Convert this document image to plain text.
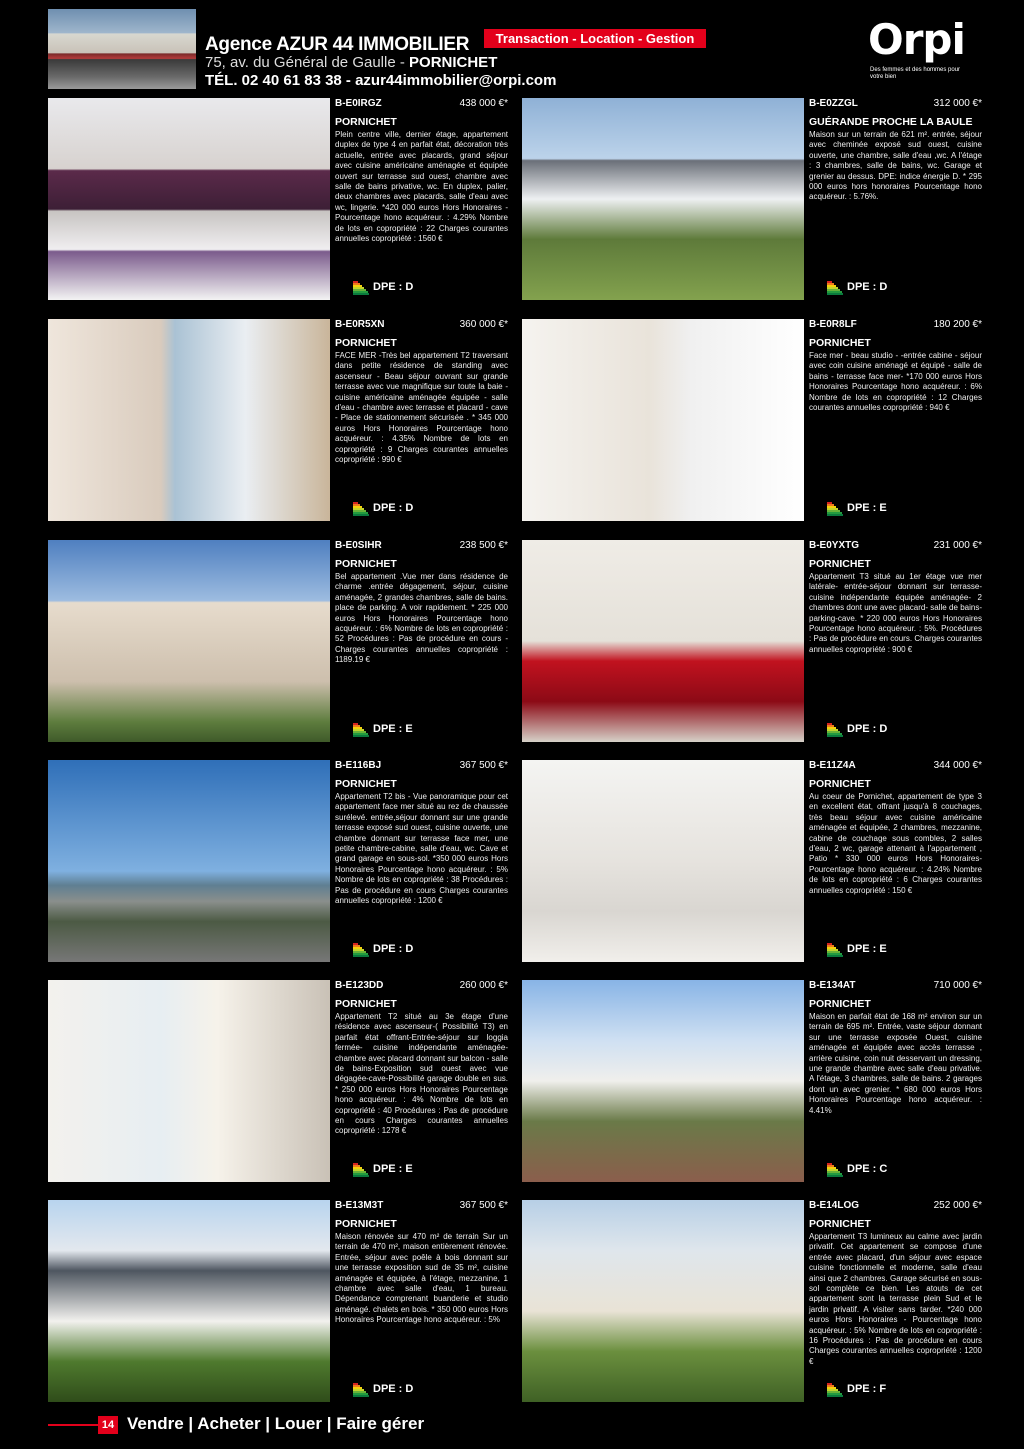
Agence AZUR 44 IMMOBILIER
75, av. du Général de Gaulle - PORNICHET
TÉL. 02 40 61 83 38 - azur44immobilier@orpi.com
Transaction - Location - Gestion	Orpi
Des femmes et des hommes pour votre bien
B-E0IRGZ	438 000 €*
PORNICHET
Plein centre ville, dernier étage, appartement duplex de type 4 en parfait état, décoration très actuelle, entrée avec placards, grand séjour avec cuisine américaine aménagée et équipée ouvert sur terrasse sud ouest, chambre avec salle de bains privative, wc. En duplex, palier, deux chambres avec placards, salle d'eau avec wc, lingerie. *420 000 euros Hors Honoraires - Pourcentage hono acquéreur. : 4.29% Nombre de lots en copropriété : 22 Charges courantes annuelles copropriété : 1560 €
DPE : D
B-E0ZZGL	312 000 €*
GUÉRANDE PROCHE LA BAULE
Maison sur un terrain de 621 m². entrée, séjour avec cheminée exposé sud ouest, cuisine ouverte, une chambre, salle d'eau ,wc. A l'étage : 3 chambres, salle de bains, wc. Garage et grenier au dessus. DPE: indice énergie D. * 295 000 euros hors honoraires Pourcentage hono acquéreur. : 5.76%.
DPE : D
B-E0R5XN	360 000 €*
PORNICHET
FACE MER -Très bel appartement T2 traversant dans petite résidence de standing avec ascenseur - Beau séjour ouvrant sur grande terrasse avec vue magnifique sur toute la baie - cuisine américaine aménagée équipée - salle d'eau - chambre avec terrasse et placard - cave - Place de stationnement sécurisée . * 345 000 euros Hors Honoraires Pourcentage hono acquéreur. : 4.35% Nombre de lots en copropriété : 9 Charges courantes annuelles copropriété : 990 €
DPE : D
B-E0R8LF	180 200 €*
PORNICHET
Face mer - beau studio - -entrée cabine - séjour avec coin cuisine aménagé et équipé - salle de bains - terrasse face mer- *170 000 euros Hors Honoraires Pourcentage hono acquéreur. : 6% Nombre de lots en copropriété : 12 Charges courantes annuelles copropriété : 940 €
DPE : E
B-E0SIHR	238 500 €*
PORNICHET
Bel appartement .Vue mer dans résidence de charme .entrée dégagement, séjour, cuisine aménagée, 2 grandes chambres, salle de bains. place de parking. A voir rapidement. * 225 000 euros Hors Honoraires Pourcentage hono acquéreur. : 6% Nombre de lots en copropriété : 52 Procédures : Pas de procédure en cours - Charges courantes annuelles copropriété : 1189.19 €
DPE : E
B-E0YXTG	231 000 €*
PORNICHET
Appartement T3 situé au 1er étage vue mer latérale- entrée-séjour donnant sur terrasse- cuisine indépendante équipée aménagée- 2 chambres dont une avec placard- salle de bains-parking-cave. * 220 000 euros Hors Honoraires Pourcentage hono acquéreur. : 5%. Procédures : Pas de procédure en cours. Charges courantes annuelles copropriété : 900 €
DPE : D
B-E116BJ	367 500 €*
PORNICHET
Appartement T2 bis - Vue panoramique pour cet appartement face mer situé au rez de chaussée surélevé. entrée,séjour donnant sur une grande terrasse exposé sud ouest, cuisine ouverte, une chambre donnant sur terrasse face mer, une petite chambre-cabine, salle d'eau, wc. Cave et grand garage en sous-sol. *350 000 euros Hors Honoraires Pourcentage hono acquéreur. : 5% Nombre de lots en copropriété : 38 Procédures : Pas de procédure en cours Charges courantes annuelles copropriété : 1200 €
DPE : D
B-E11Z4A	344 000 €*
PORNICHET
Au coeur de Pornichet, appartement de type 3 en excellent état, offrant jusqu'à 8 couchages, très beau séjour avec cuisine américaine aménagée et équipée, 2 chambres, mezzanine, cabine de couchage sous combles, 2 salles d'eau, 2 wc, garage attenant à l'appartement , Patio * 330 000 euros Hors Honoraires- Pourcentage hono acquéreur. : 4.24% Nombre de lots en copropriété : 6 Charges courantes annuelles copropriété : 150 €
DPE : E
B-E123DD	260 000 €*
PORNICHET
Appartement T2 situé au 3e étage d'une résidence avec ascenseur-( Possibilité T3) en parfait état offrant-Entrée-séjour sur loggia fermée- cuisine indépendante aménagée- chambre avec placard donnant sur balcon - salle de bains-Exposition sud ouest avec vue dégagée-cave-Possibilité garage double en sus. * 250 000 euros Hors Honoraires Pourcentage hono acquéreur. : 4% Nombre de lots en copropriété : 40 Procédures : Pas de procédure en cours Charges courantes annuelles copropriété : 1278 €
DPE : E
B-E134AT	710 000 €*
PORNICHET
Maison en parfait état de 168 m² environ sur un terrain de 695 m². Entrée, vaste séjour donnant sur une terrasse exposée Ouest, cuisine aménagée et équipée avec accès terrasse , arrière cuisine, coin nuit desservant un dressing, une grande chambre avec salle d'eau privative. A l'étage, 3 chambres, salle de bains. 2 garages dont un avec grenier. * 680 000 euros Hors Honoraires Pourcentage hono acquéreur. : 4.41%
DPE : C
B-E13M3T	367 500 €*
PORNICHET
Maison rénovée sur 470 m² de terrain Sur un terrain de 470 m², maison entièrement rénovée. Entrée, séjour avec poêle à bois donnant sur une terrasse exposition sud de 35 m², cuisine aménagée et équipée, à l'étage, mezzanine, 1 chambre avec salle d'eau, 1 bureau. Dépendance comprenant buanderie et studio aménagé. chalets en bois. * 350 000 euros Hors Honoraires Pourcentage hono acquéreur. : 5%
DPE : D
B-E14LOG	252 000 €*
PORNICHET
Appartement T3 lumineux au calme avec jardin privatif. Cet appartement se compose d'une entrée avec placard, d'un séjour avec espace cuisine fonctionnelle et moderne, salle d'eau ainsi que 2 chambres. Garage sécurisé en sous-sol complète ce bien. Les atouts de cet appartement sont la terrasse plein Sud et le jardin privatif. A visiter sans tarder. *240 000 euros Hors Honoraires - Pourcentage hono acquéreur. : 5% Nombre de lots en copropriété : 16 Procédures : Pas de procédure en cours Charges courantes annuelles copropriété : 1200 €
DPE : F
14 Vendre | Acheter | Louer | Faire gérer
